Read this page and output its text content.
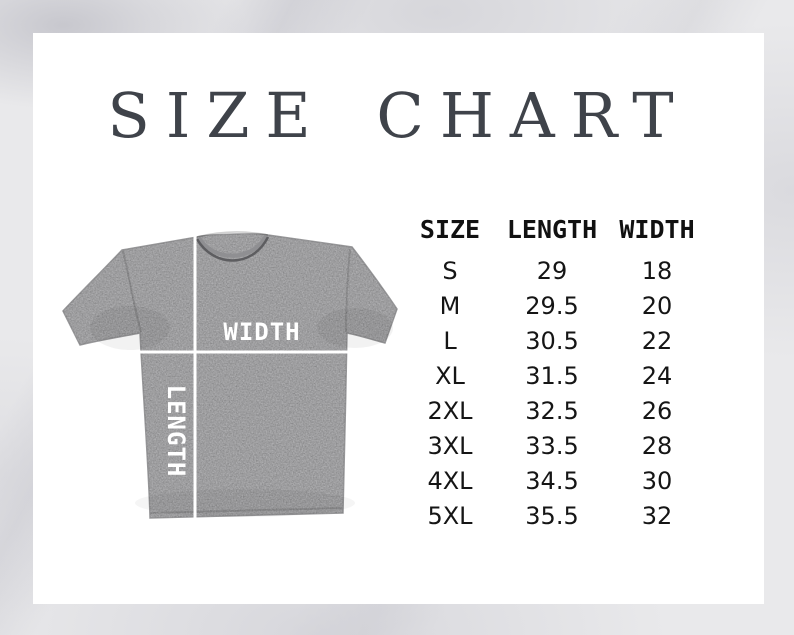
SIZE CHART
WIDTH
LENGTH
SIZE	LENGTH WIDTH
S	29	18
M	29.5	20
L	30.5	22
XL	31.5	24
2XL	32.5	26
3XL	33.5	28
4XL	34.5	30
5XL	35.5	32
